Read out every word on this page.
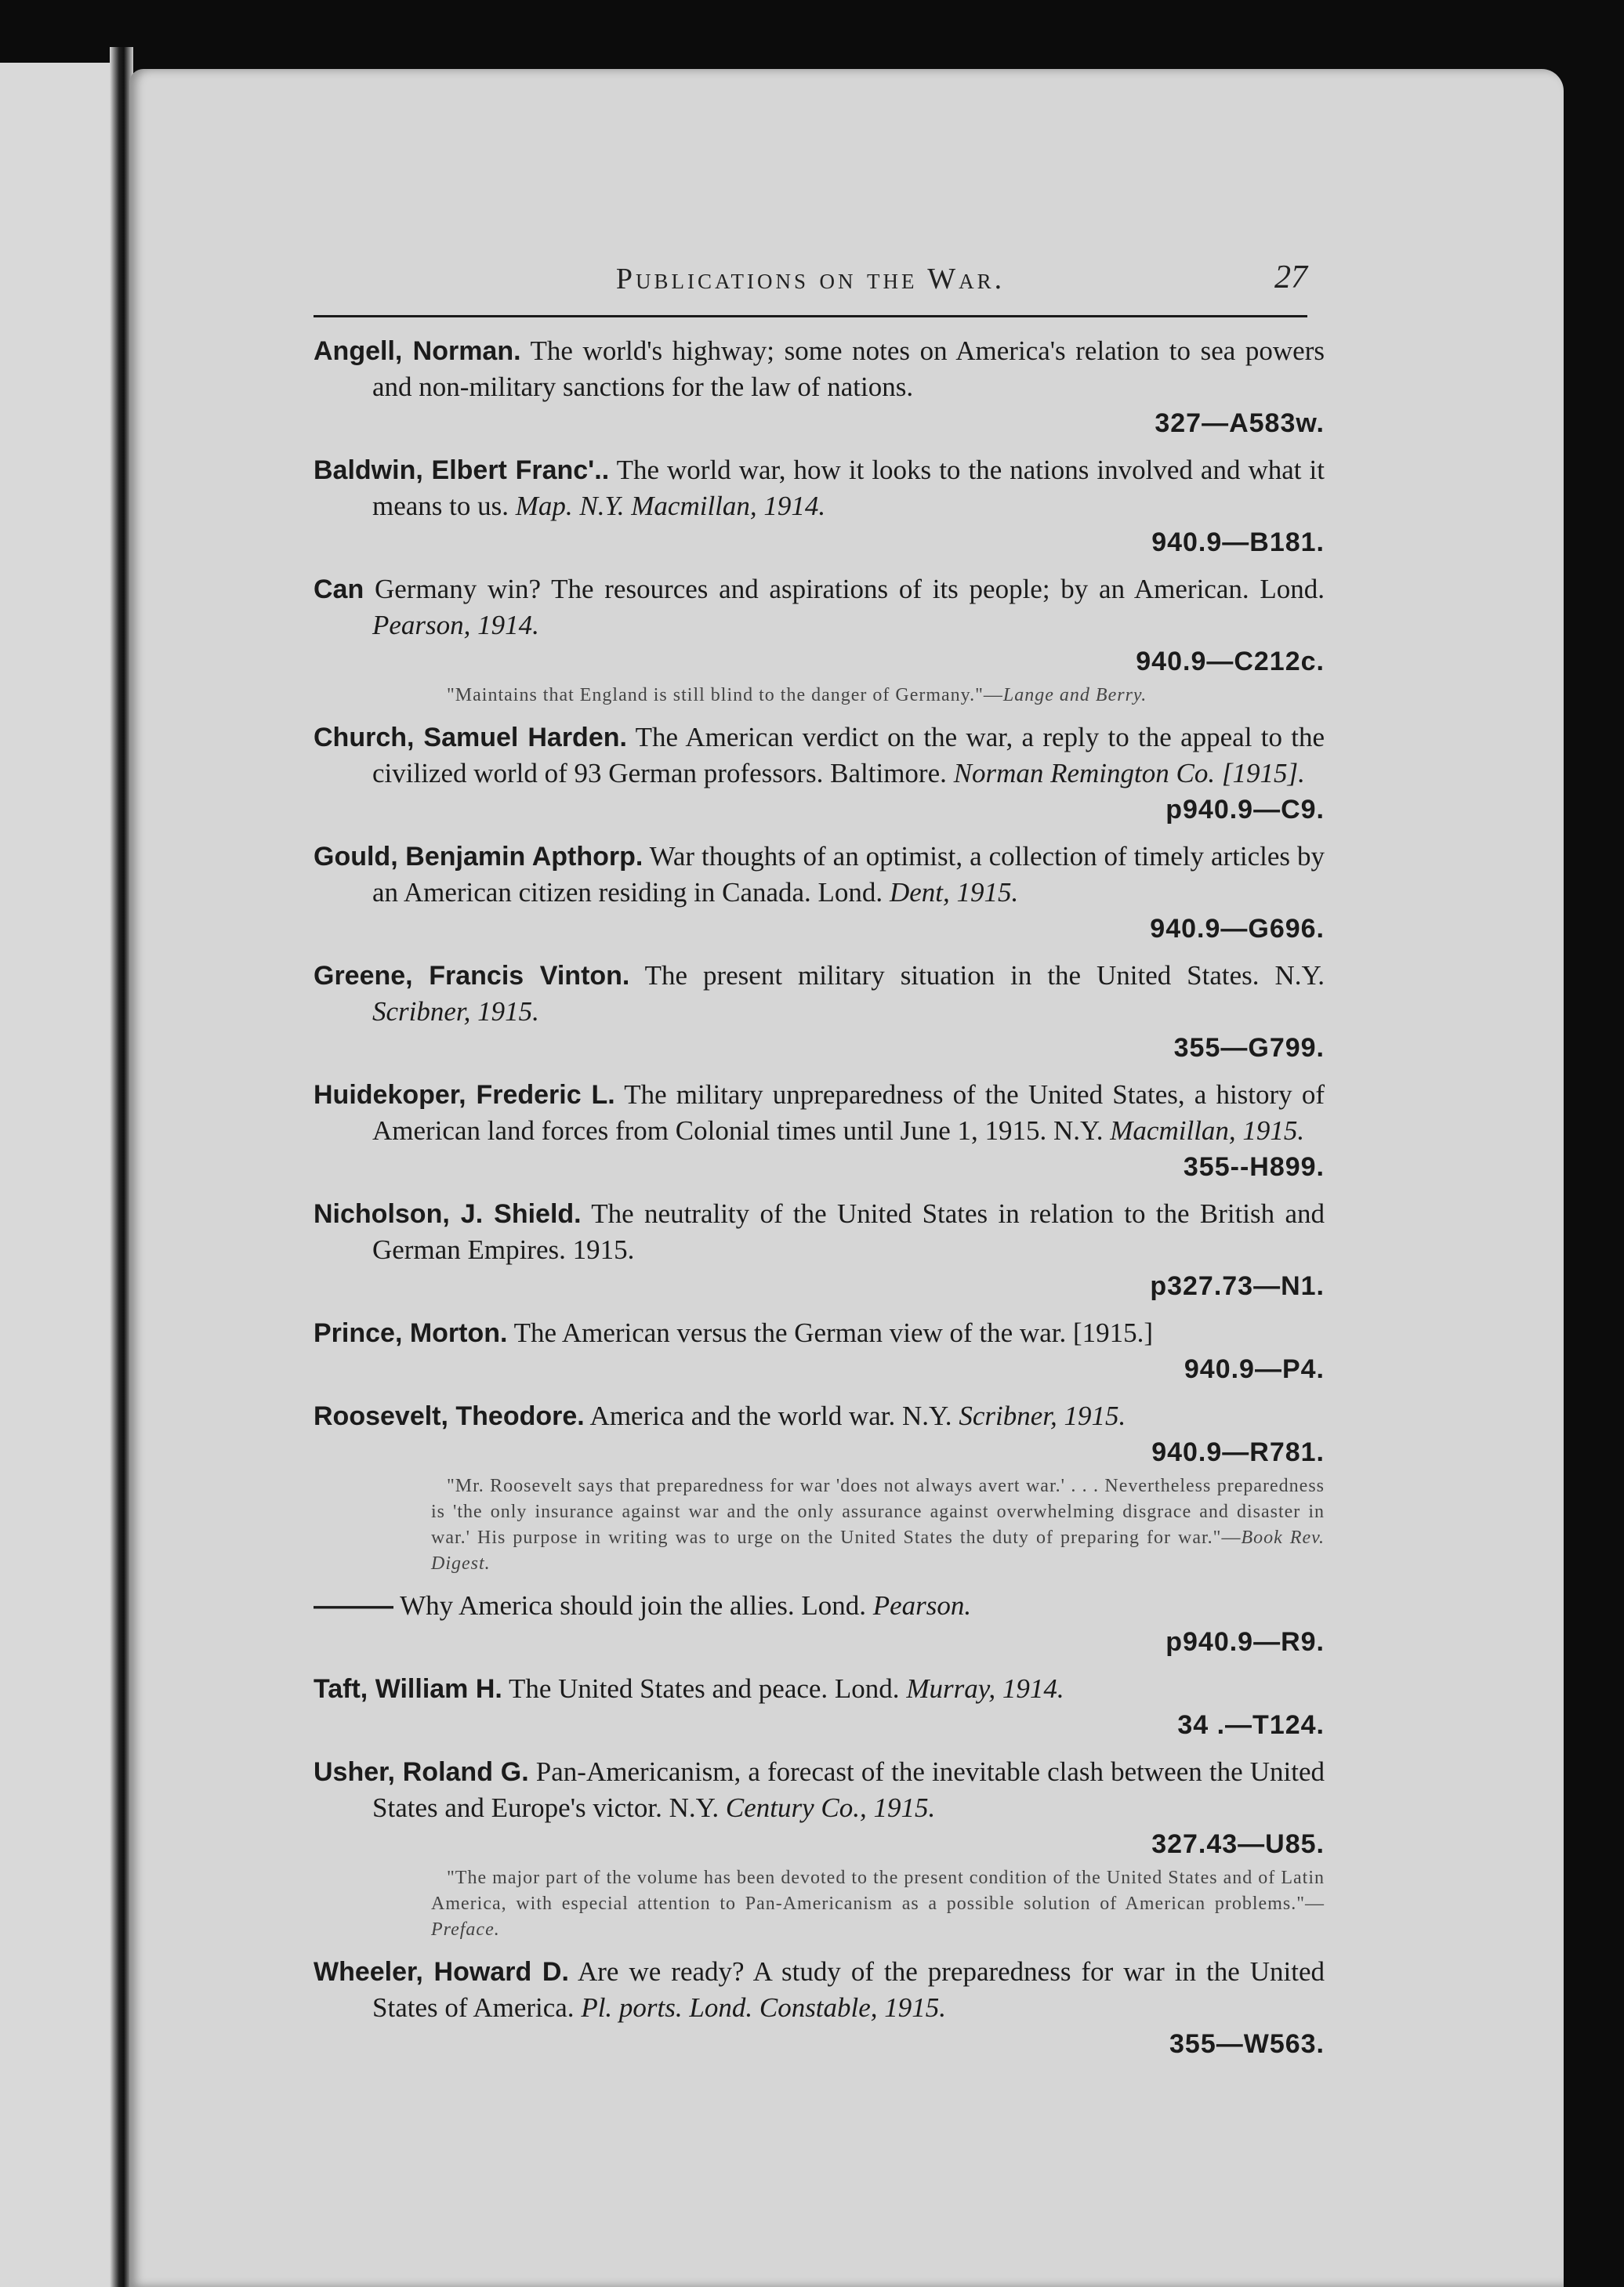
Publications on the War.	27
Angell, Norman. The world's highway; some notes on America's relation to sea powers and non-military sanctions for the law of nations.
327—A583w.
Baldwin, Elbert Franc'.. The world war, how it looks to the nations involved and what it means to us. Map. N.Y. Macmillan, 1914.
940.9—B181.
Can Germany win? The resources and aspirations of its people; by an American. Lond. Pearson, 1914.
940.9—C212c.
"Maintains that England is still blind to the danger of Germany."—Lange and Berry.
Church, Samuel Harden. The American verdict on the war, a reply to the appeal to the civilized world of 93 German professors. Baltimore. Norman Remington Co. [1915].
p940.9—C9.
Gould, Benjamin Apthorp. War thoughts of an optimist, a collection of timely articles by an American citizen residing in Canada. Lond. Dent, 1915.
940.9—G696.
Greene, Francis Vinton. The present military situation in the United States. N.Y. Scribner, 1915.
355—G799.
Huidekoper, Frederic L. The military unpreparedness of the United States, a history of American land forces from Colonial times until June 1, 1915. N.Y. Macmillan, 1915.
355--H899.
Nicholson, J. Shield. The neutrality of the United States in relation to the British and German Empires. 1915.
p327.73—N1.
Prince, Morton. The American versus the German view of the war. [1915.]
940.9—P4.
Roosevelt, Theodore. America and the world war. N.Y. Scribner, 1915.
940.9—R781.
"Mr. Roosevelt says that preparedness for war 'does not always avert war.' . . . Nevertheless preparedness is 'the only insurance against war and the only assurance against overwhelming disgrace and disaster in war.' His purpose in writing was to urge on the United States the duty of preparing for war."—Book Rev. Digest.
——— Why America should join the allies. Lond. Pearson.
p940.9—R9.
Taft, William H. The United States and peace. Lond. Murray, 1914.
34 .—T124.
Usher, Roland G. Pan-Americanism, a forecast of the inevitable clash between the United States and Europe's victor. N.Y. Century Co., 1915.
327.43—U85.
"The major part of the volume has been devoted to the present condition of the United States and of Latin America, with especial attention to Pan-Americanism as a possible solution of American problems."—Preface.
Wheeler, Howard D. Are we ready? A study of the preparedness for war in the United States of America. Pl. ports. Lond. Constable, 1915.
355—W563.
